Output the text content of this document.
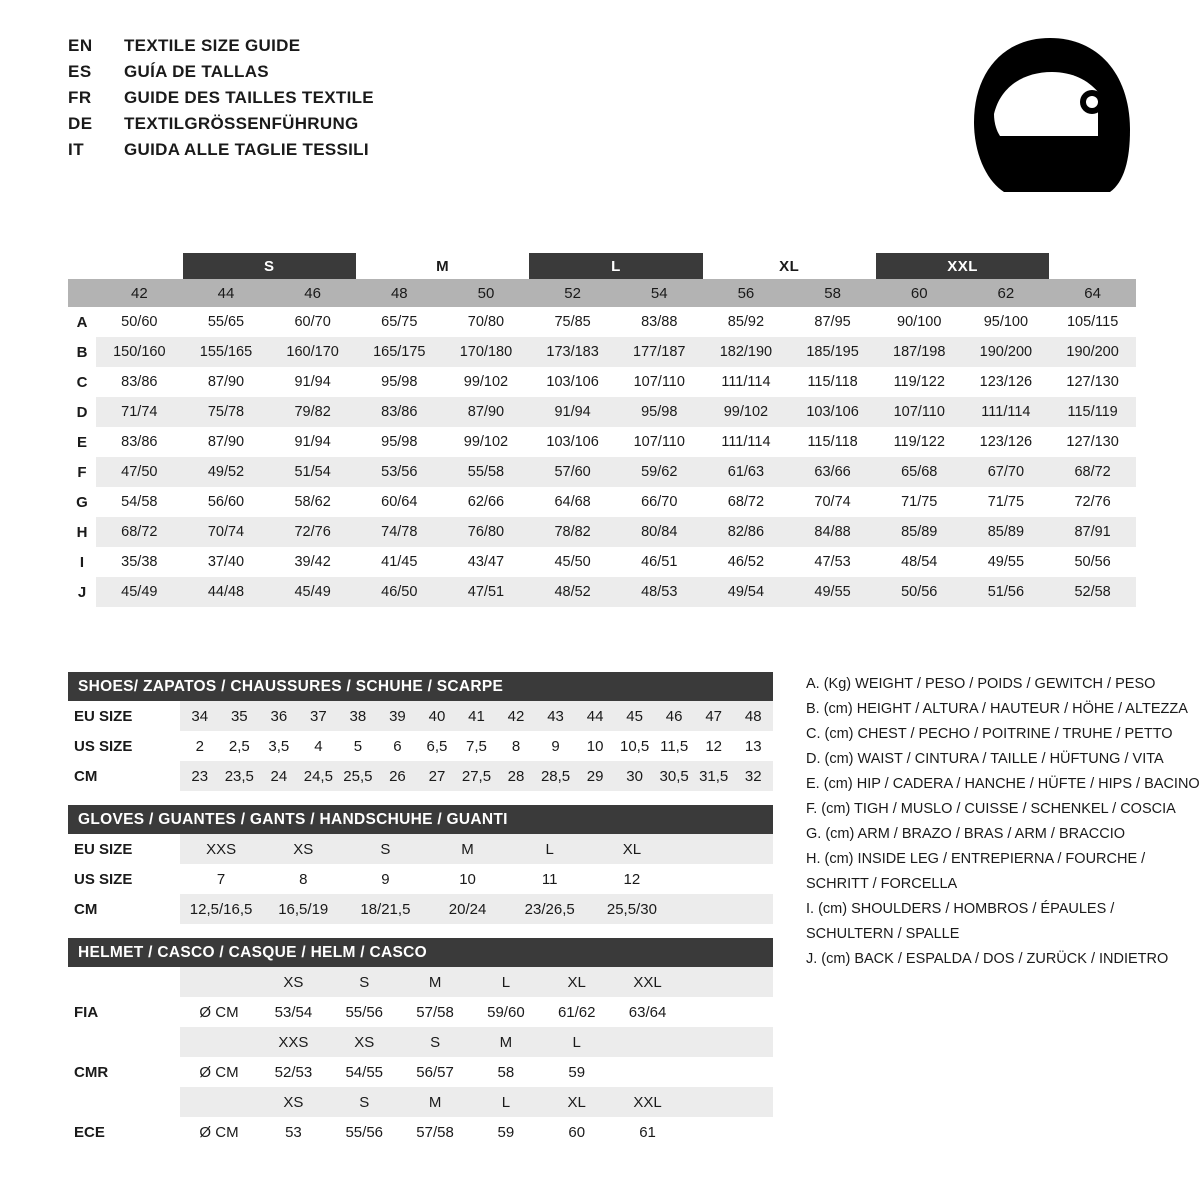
EN	TEXTILE SIZE GUIDE
ES	GUÍA DE TALLAS
FR	GUIDE DES TAILLES TEXTILE
DE	TEXTILGRÖSSENFÜHRUNG
IT	GUIDA ALLE TAGLIE TESSILI
		S		M		L		XL		XXL		
	42	44	46	48	50	52	54	56	58	60	62	64
A	50/60	55/65	60/70	65/75	70/80	75/85	83/88	85/92	87/95	90/100	95/100	105/115
B	150/160	155/165	160/170	165/175	170/180	173/183	177/187	182/190	185/195	187/198	190/200	190/200
C	83/86	87/90	91/94	95/98	99/102	103/106	107/110	111/114	115/118	119/122	123/126	127/130
D	71/74	75/78	79/82	83/86	87/90	91/94	95/98	99/102	103/106	107/110	111/114	115/119
E	83/86	87/90	91/94	95/98	99/102	103/106	107/110	111/114	115/118	119/122	123/126	127/130
F	47/50	49/52	51/54	53/56	55/58	57/60	59/62	61/63	63/66	65/68	67/70	68/72
G	54/58	56/60	58/62	60/64	62/66	64/68	66/70	68/72	70/74	71/75	71/75	72/76
H	68/72	70/74	72/76	74/78	76/80	78/82	80/84	82/86	84/88	85/89	85/89	87/91
I	35/38	37/40	39/42	41/45	43/47	45/50	46/51	46/52	47/53	48/54	49/55	50/56
J	45/49	44/48	45/49	46/50	47/51	48/52	48/53	49/54	49/55	50/56	51/56	52/58
SHOES/ ZAPATOS / CHAUSSURES / SCHUHE / SCARPE															
EU SIZE	34	35	36	37	38	39	40	41	42	43	44	45	46	47	48
US SIZE	2	2,5	3,5	4	5	6	6,5	7,5	8	9	10	10,5	11,5	12	13
CM	23	23,5	24	24,5	25,5	26	27	27,5	28	28,5	29	30	30,5	31,5	32
GLOVES / GUANTES / GANTS / HANDSCHUHE / GUANTI							
EU SIZE	XXS	XS	S	M	L	XL	
US SIZE	7	8	9	10	11	12	
CM	12,5/16,5	16,5/19	18/21,5	20/24	23/26,5	25,5/30	
HELMET / CASCO / CASQUE / HELM / CASCO								
		XS	S	M	L	XL	XXL	
FIA	Ø CM	53/54	55/56	57/58	59/60	61/62	63/64	
		XXS	XS	S	M	L		
CMR	Ø CM	52/53	54/55	56/57	58	59		
		XS	S	M	L	XL	XXL	
ECE	Ø CM	53	55/56	57/58	59	60	61	
A. (Kg) WEIGHT / PESO / POIDS / GEWITCH / PESO
B. (cm) HEIGHT / ALTURA / HAUTEUR / HÖHE / ALTEZZA
C. (cm) CHEST / PECHO / POITRINE / TRUHE / PETTO
D. (cm) WAIST / CINTURA / TAILLE / HÜFTUNG / VITA
E. (cm) HIP / CADERA / HANCHE / HÜFTE / HIPS / BACINO
F. (cm) TIGH / MUSLO / CUISSE / SCHENKEL / COSCIA
G. (cm) ARM / BRAZO / BRAS / ARM / BRACCIO
H. (cm) INSIDE LEG / ENTREPIERNA / FOURCHE /
SCHRITT / FORCELLA
I. (cm) SHOULDERS / HOMBROS / ÉPAULES /
SCHULTERN / SPALLE
J. (cm) BACK / ESPALDA / DOS / ZURÜCK / INDIETRO
